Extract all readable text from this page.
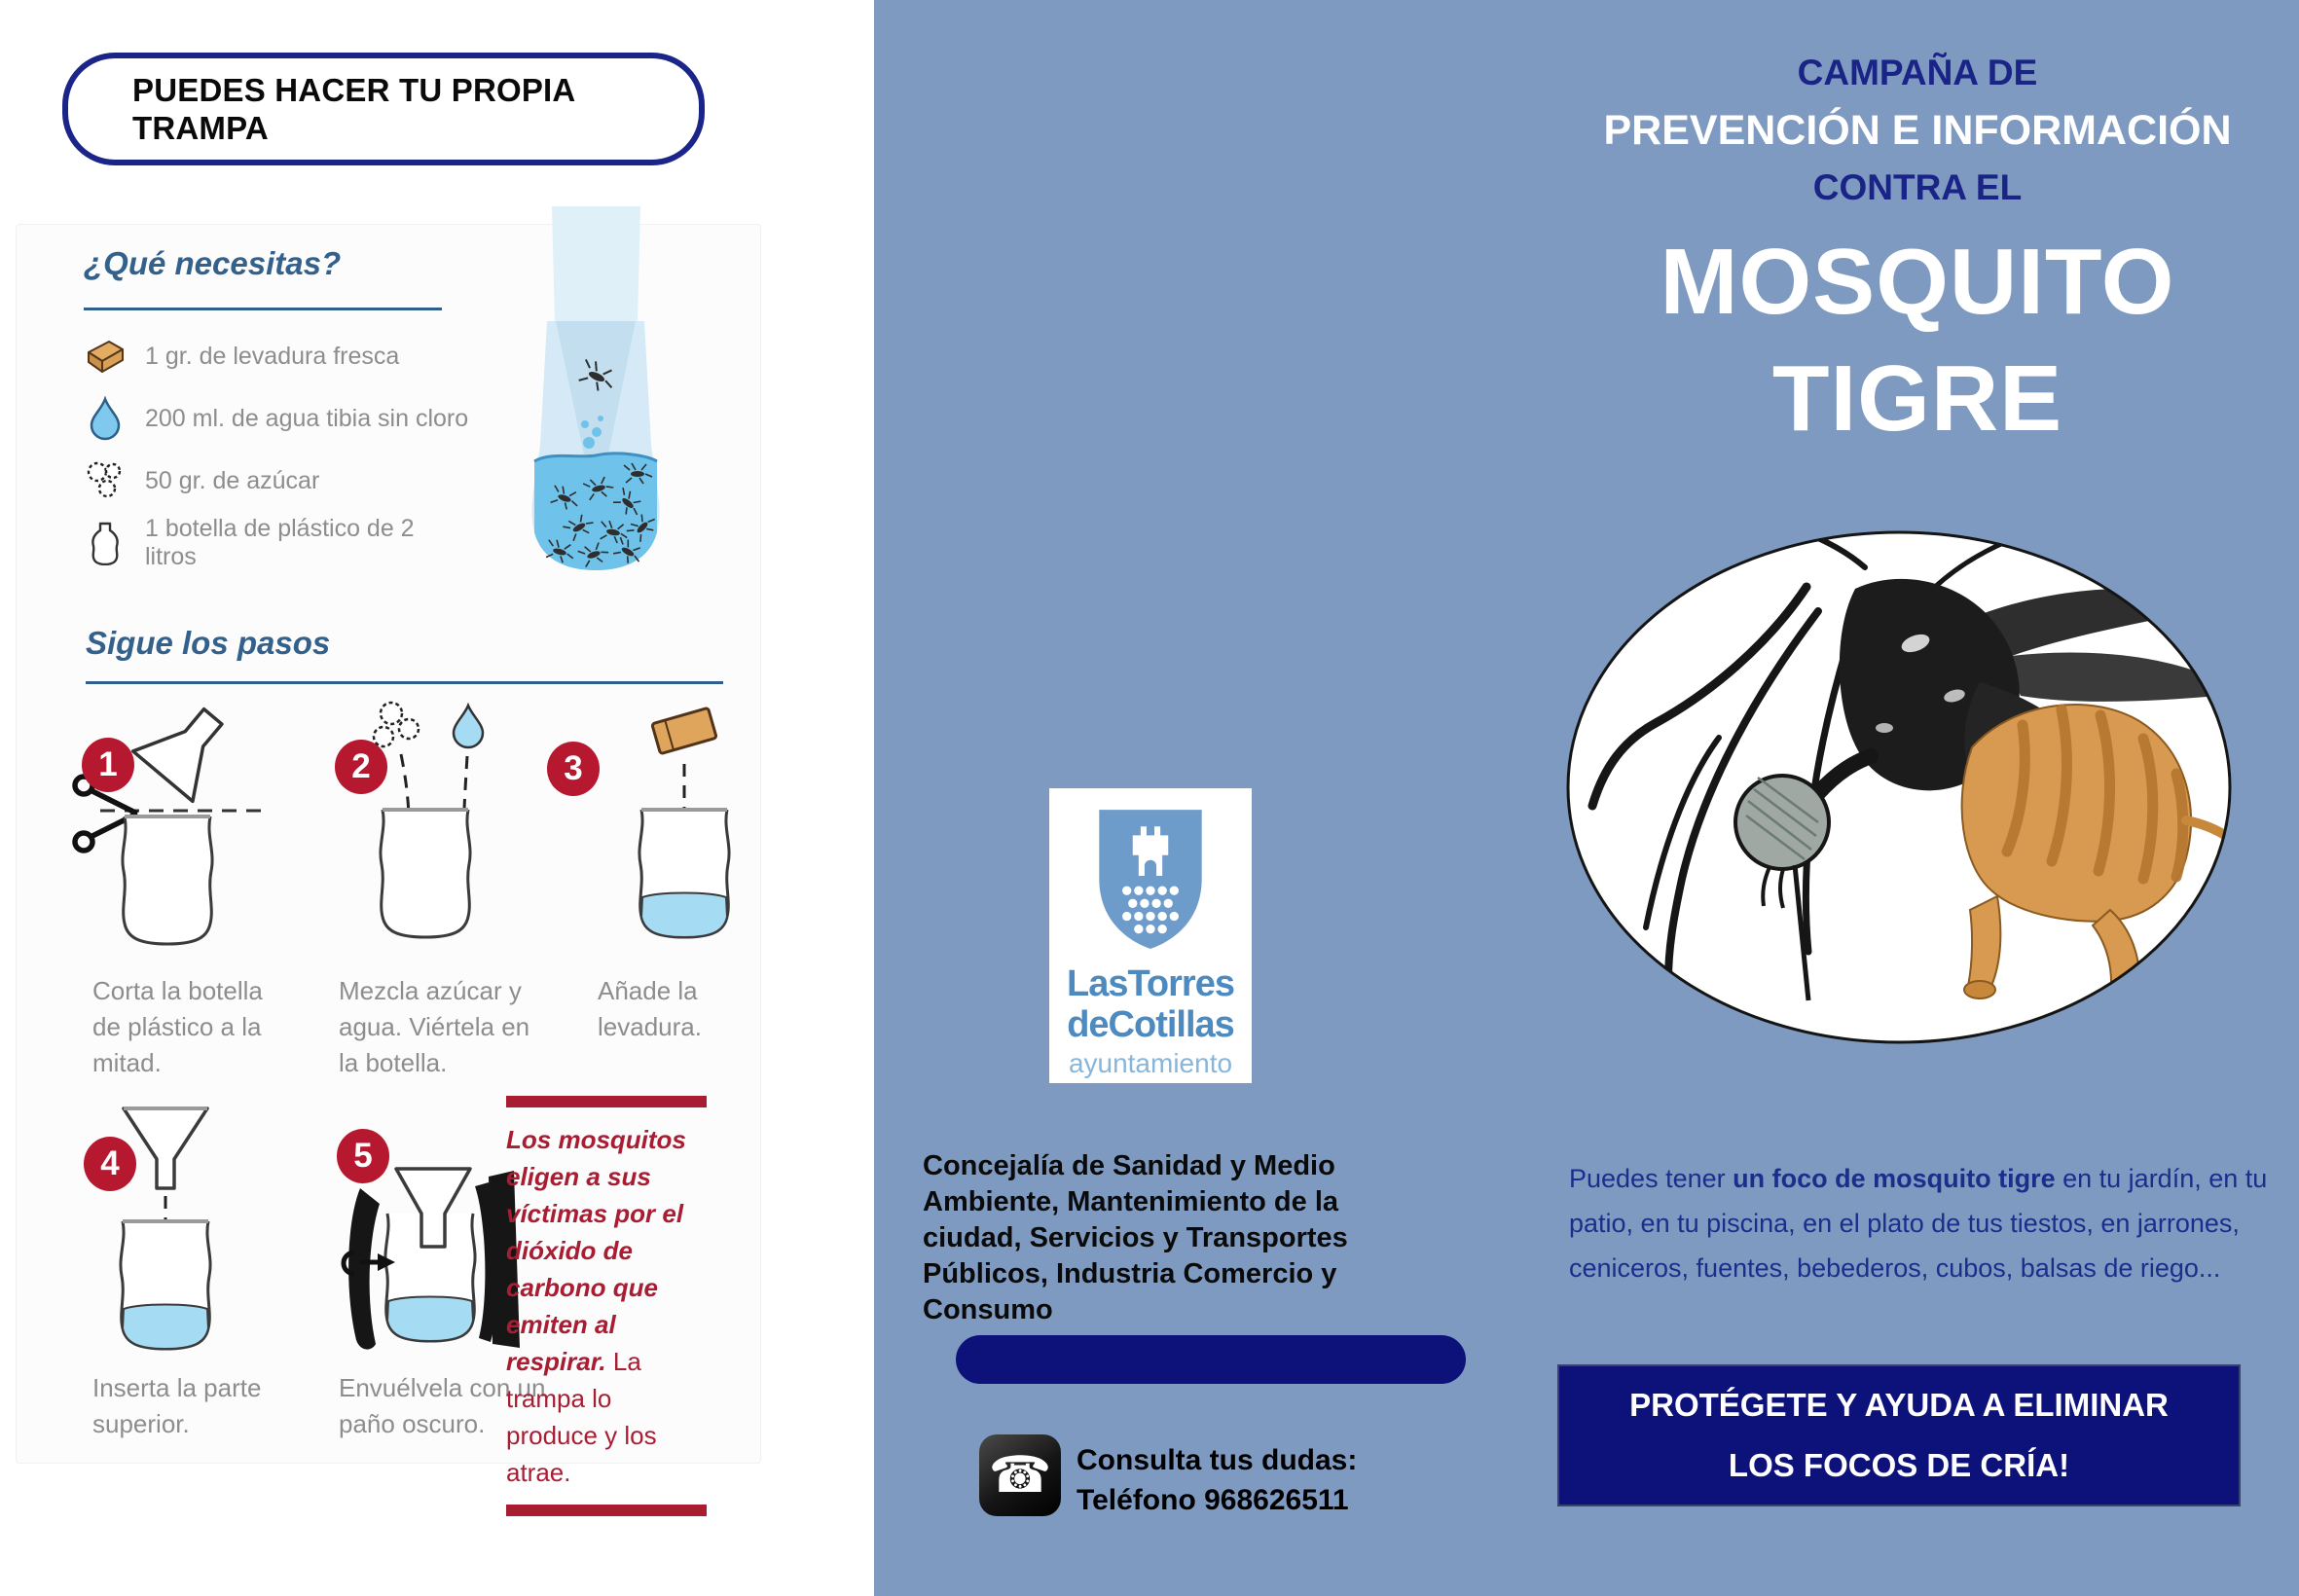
PUEDES HACER TU PROPIA TRAMPA
¿Qué necesitas?
1 gr. de levadura fresca
200 ml. de agua tibia sin cloro
50 gr. de azúcar
1 botella de plástico de 2 litros
Sigue los pasos
1	2	3
4	5
Corta la botella de plástico a la mitad.
Mezcla azúcar y agua. Viértela en la botella.
Añade la levadura.
Inserta la parte superior.
Envuélvela con un paño oscuro.
Los mosquitos eligen a sus víctimas por el dióxido de carbono que emiten al respirar. La trampa lo produce y los atrae.
LasTorres
deCotillas
ayuntamiento
Concejalía de Sanidad y Medio Ambiente, Mantenimiento de la ciudad, Servicios y Transportes Públicos, Industria Comercio y Consumo
☎ Consulta tus dudas:
Teléfono 968626511
CAMPAÑA DE
PREVENCIÓN E INFORMACIÓN
CONTRA EL
MOSQUITO
TIGRE
Puedes tener un foco de mosquito tigre en tu jardín, en tu patio, en tu piscina, en el plato de tus tiestos, en jarrones, ceniceros, fuentes, bebederos, cubos, balsas de riego...
PROTÉGETE Y AYUDA A ELIMINAR
LOS FOCOS DE CRÍA!
